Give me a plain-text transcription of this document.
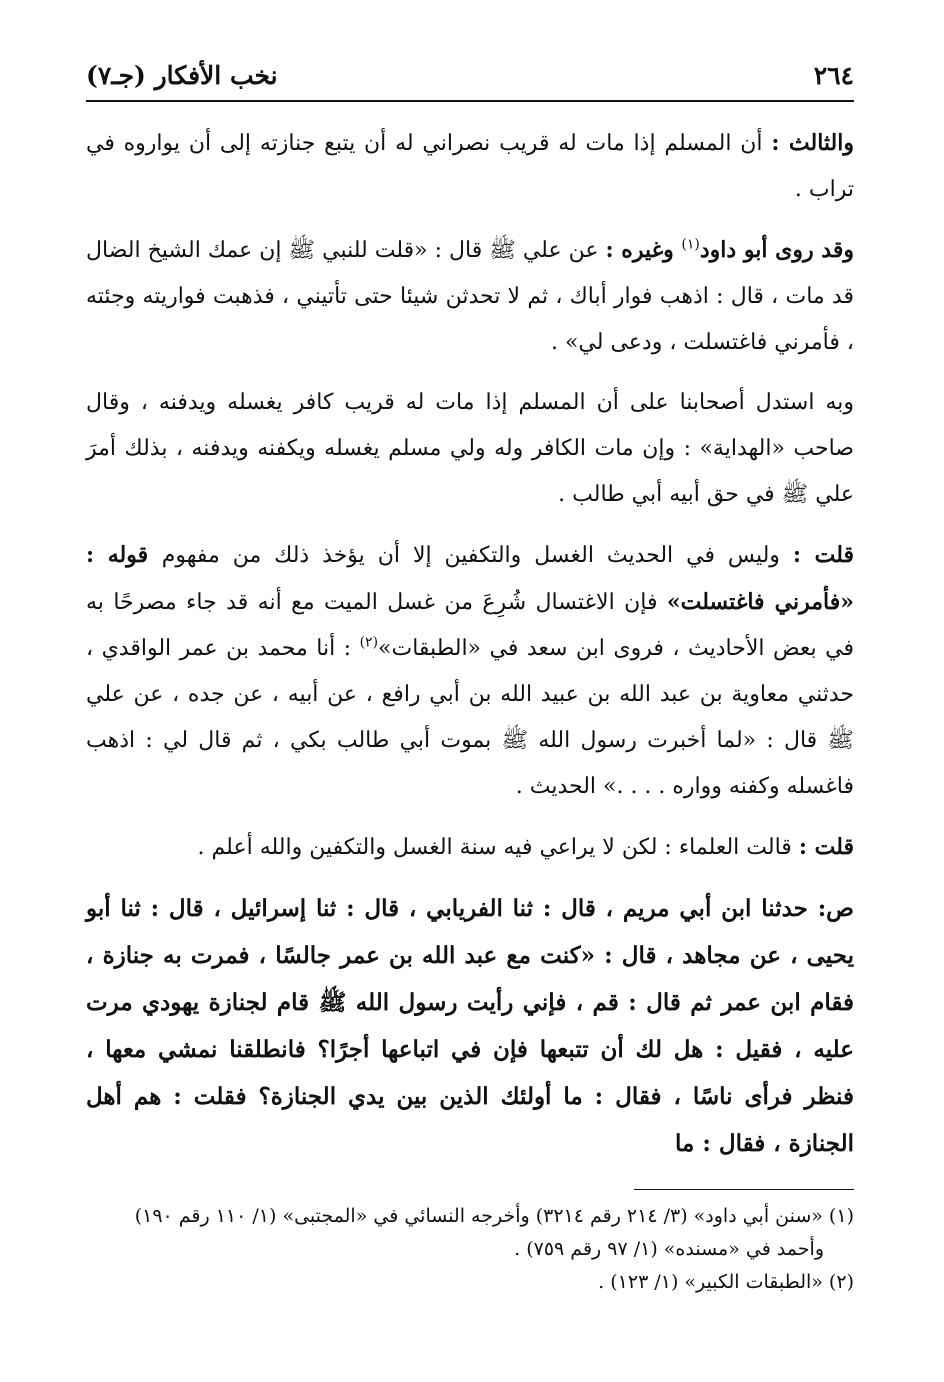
٢٦٤
نخب الأفكار (جـ٧)

والثالث : أن المسلم إذا مات له قريب نصراني له أن يتبع جنازته إلى أن يواروه في تراب .

وقد روى أبو داود$^{(١)}$ وغيره : عن علي ﷺ قال : «قلت للنبي ﷺ إن عمك الشيخ الضال قد مات ، قال : اذهب فوار أباك ، ثم لا تحدثن شيئا حتى تأتيني ، فذهبت فواريته وجئته ، فأمرني فاغتسلت ، ودعى لي» .

وبه استدل أصحابنا على أن المسلم إذا مات له قريب كافر يغسله ويدفنه ، وقال صاحب «الهداية» : وإن مات الكافر وله ولي مسلم يغسله ويكفنه ويدفنه ، بذلك أمرَ علي ﷺ في حق أبيه أبي طالب .

قلت : وليس في الحديث الغسل والتكفين إلا أن يؤخذ ذلك من مفهوم قوله : «فأمرني فاغتسلت» فإن الاغتسال شُرِعَ من غسل الميت مع أنه قد جاء مصرحًا به في بعض الأحاديث ، فروى ابن سعد في «الطبقات»$^{(٢)}$ : أنا محمد بن عمر الواقدي ، حدثني معاوية بن عبد الله بن عبيد الله بن أبي رافع ، عن أبيه ، عن جده ، عن علي ﷺ قال : «لما أخبرت رسول الله ﷺ بموت أبي طالب بكي ، ثم قال لي : اذهب فاغسله وكفنه وواره . . . .» الحديث .

قلت : قالت العلماء : لكن لا يراعي فيه سنة الغسل والتكفين والله أعلم .

ص: حدثنا ابن أبي مريم ، قال : ثنا الفريابي ، قال : ثنا إسرائيل ، قال : ثنا أبو يحيى ، عن مجاهد ، قال : «كنت مع عبد الله بن عمر جالسًا ، فمرت به جنازة ، فقام ابن عمر ثم قال : قم ، فإني رأيت رسول الله ﷺ قام لجنازة يهودي مرت عليه ، فقيل : هل لك أن تتبعها فإن في اتباعها أجرًا؟ فانطلقنا نمشي معها ، فنظر فرأى ناسًا ، فقال : ما أولئك الذين بين يدي الجنازة؟ فقلت : هم أهل الجنازة ، فقال : ما

(١) «سنن أبي داود» (٣/ ٢١٤ رقم ٣٢١٤) وأخرجه النسائي في «المجتبى» (١/ ١١٠ رقم ١٩٠)
وأحمد في «مسنده» (١/ ٩٧ رقم ٧٥٩) .
(٢) «الطبقات الكبير» (١/ ١٢٣) .
